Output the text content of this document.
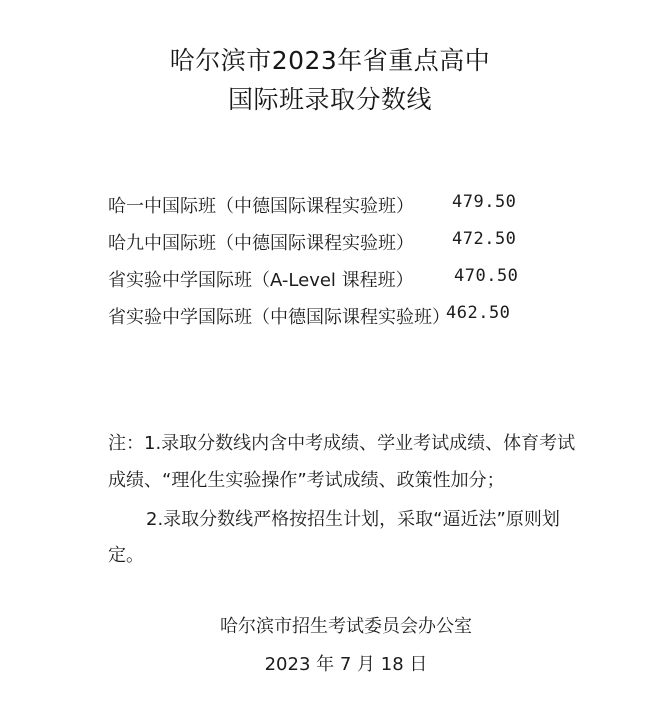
哈尔滨市2023年省重点高中
国际班录取分数线
哈一中国际班（中德国际课程实验班） 479.50
哈九中国际班（中德国际课程实验班） 472.50
省实验中学国际班（A-Level 课程班） 470.50
省实验中学国际班（中德国际课程实验班）
462.50
注：1.录取分数线内含中考成绩、学业考试成绩、体育考试
成绩、“理化生实验操作”考试成绩、政策性加分；
2.录取分数线严格按招生计划，采取“逼近法”原则划
定。
哈尔滨市招生考试委员会办公室
2023 年 7 月 18 日
